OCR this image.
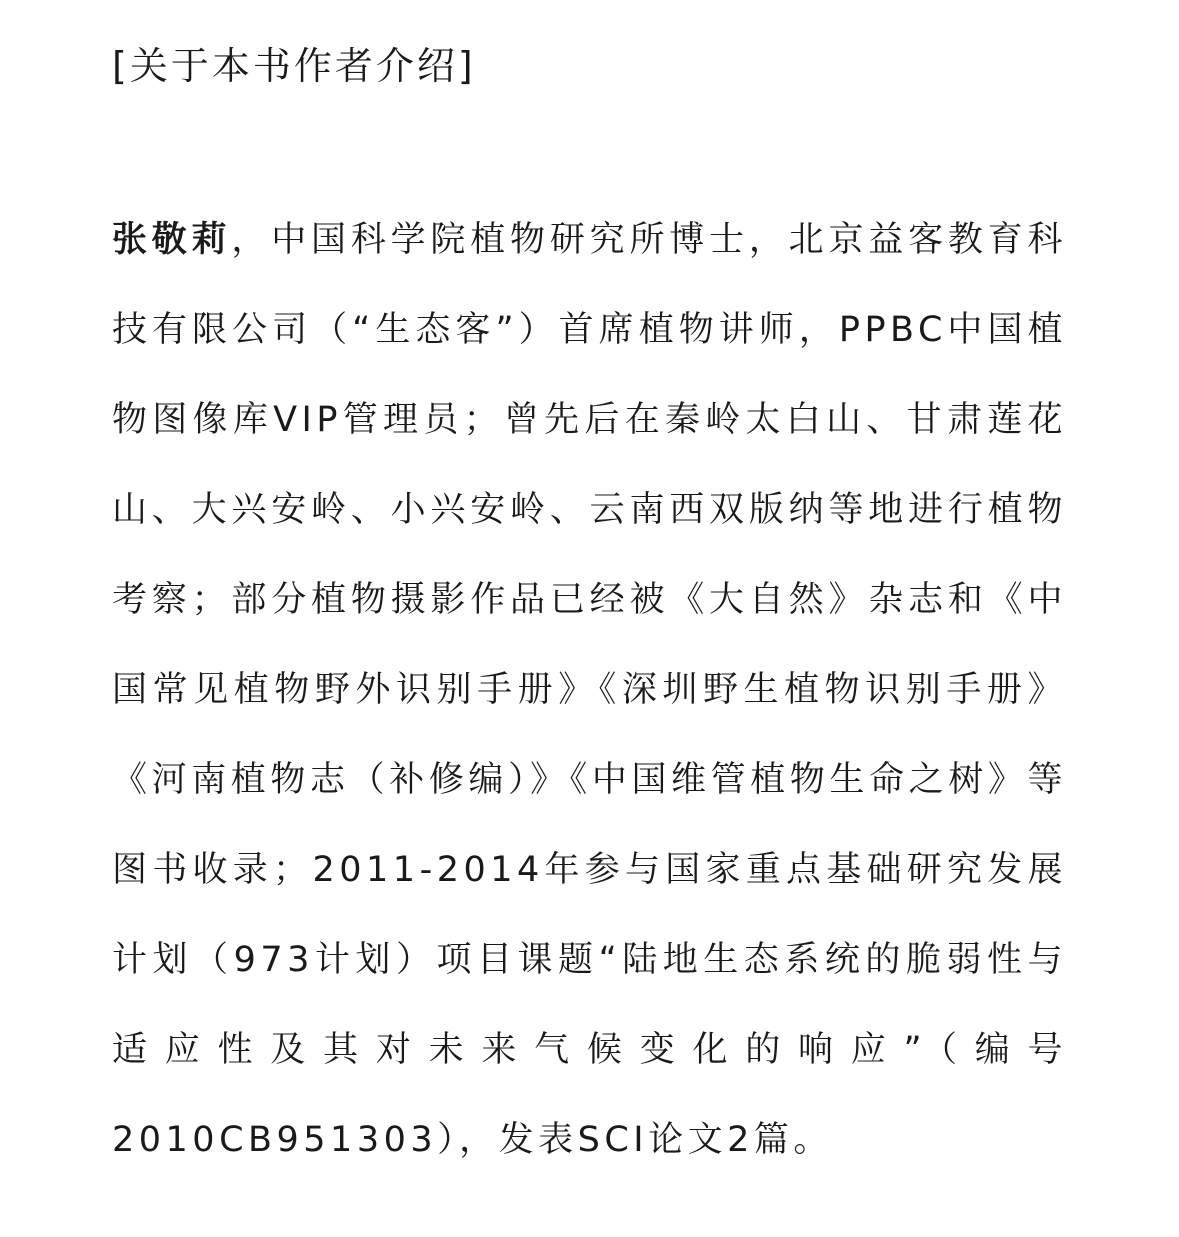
[关于本书作者介绍]

张敬莉，中国科学院植物研究所博士，北京益客教育科技有限公司（“生态客”）首席植物讲师，PPBC中国植物图像库VIP管理员；曾先后在秦岭太白山、甘肃莲花山、大兴安岭、小兴安岭、云南西双版纳等地进行植物考察；部分植物摄影作品已经被《大自然》杂志和《中国常见植物野外识别手册》《深圳野生植物识别手册》《河南植物志（补修编）》《中国维管植物生命之树》等图书收录；2011-2014年参与国家重点基础研究发展计划（973计划）项目课题“陆地生态系统的脆弱性与适应性及其对未来气候变化的响应”（编号2010CB951303），发表SCI论文2篇。
